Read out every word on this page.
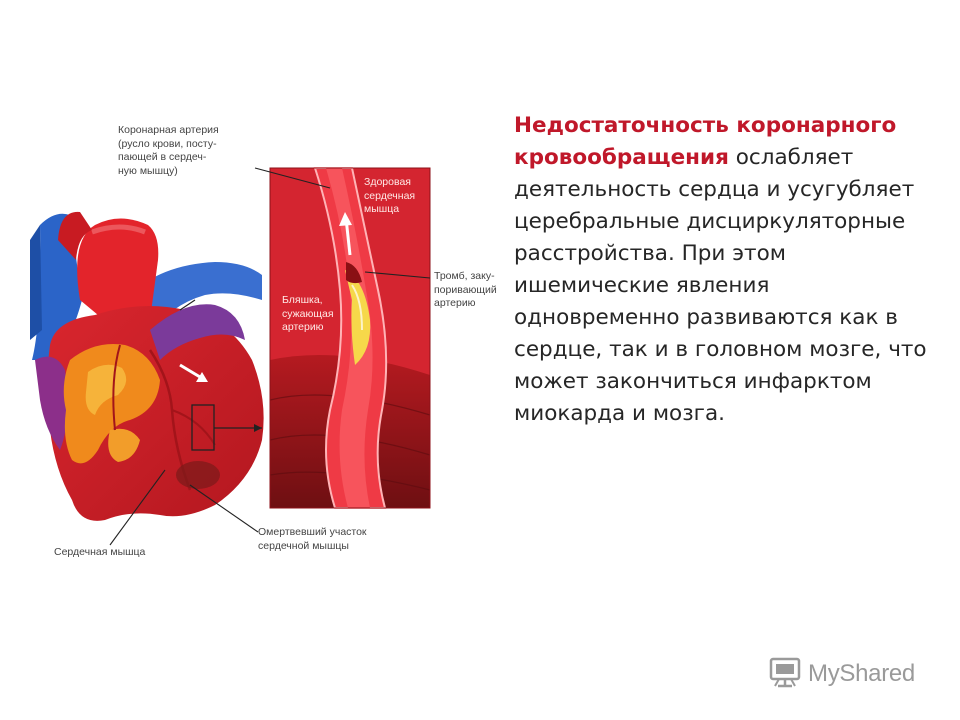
Коронарная артерия
(русло крови, посту-
пающей в сердеч-
ную мышцу)
Здоровая
сердечная
мышца
Тромб, заку-
поривающий
артерию
Бляшка,
сужающая
артерию
Сердечная мышца
Омертвевший участок
сердечной мышцы
Недостаточность коронарного кровообращения ослабляет деятельность сердца и усугубляет церебральные дисциркуляторные расстройства. При этом ишемические явления одновременно развиваются как в сердце, так и в головном мозге, что может закончиться инфарктом миокарда и мозга.
MyShared
